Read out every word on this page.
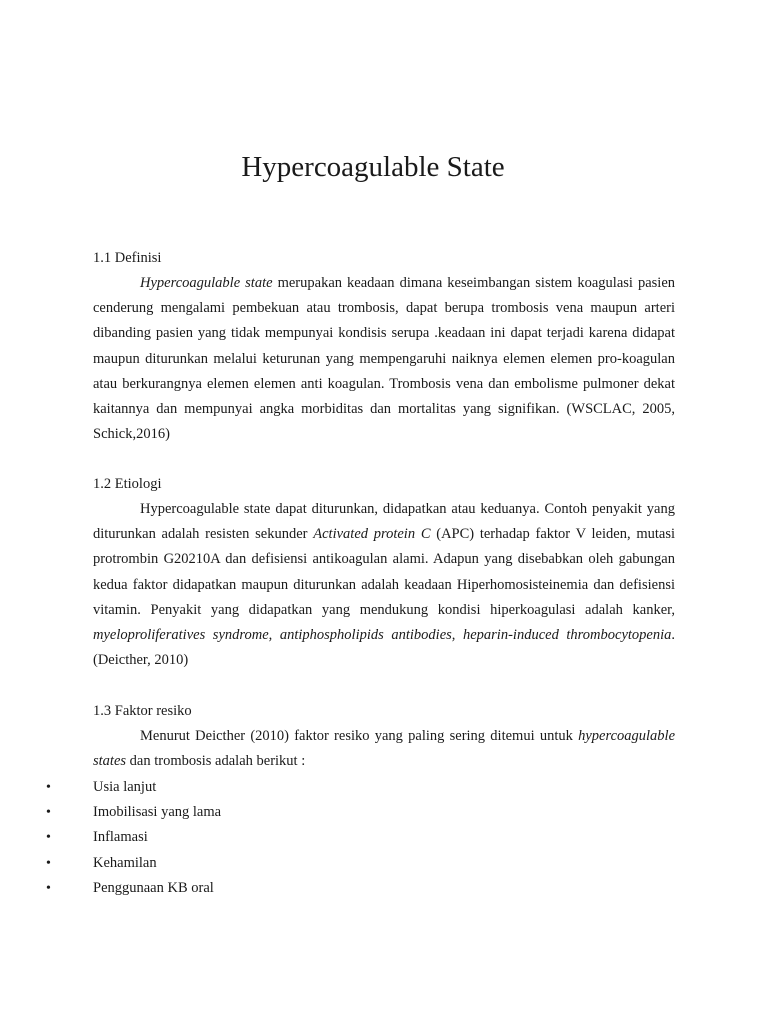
Hypercoagulable State

1.1 Definisi

Hypercoagulable state merupakan keadaan dimana keseimbangan sistem koagulasi pasien cenderung mengalami pembekuan atau trombosis, dapat berupa trombosis vena maupun arteri dibanding pasien yang tidak mempunyai kondisis serupa .keadaan ini dapat terjadi karena didapat maupun diturunkan melalui keturunan yang mempengaruhi naiknya elemen elemen pro-koagulan atau berkurangnya elemen elemen anti koagulan. Trombosis vena dan embolisme pulmoner dekat kaitannya dan mempunyai angka morbiditas dan mortalitas yang signifikan. (WSCLAC, 2005, Schick,2016)

1.2 Etiologi

Hypercoagulable state dapat diturunkan, didapatkan atau keduanya. Contoh penyakit yang diturunkan adalah resisten sekunder Activated protein C (APC) terhadap faktor V leiden, mutasi protrombin G20210A dan defisiensi antikoagulan alami. Adapun yang disebabkan oleh gabungan kedua faktor didapatkan maupun diturunkan adalah keadaan Hiperhomosisteinemia dan defisiensi vitamin. Penyakit yang didapatkan yang mendukung kondisi hiperkoagulasi adalah kanker, myeloproliferatives syndrome, antiphospholipids antibodies, heparin-induced thrombocytopenia. (Deicther, 2010)

1.3 Faktor resiko

Menurut Deicther (2010) faktor resiko yang paling sering ditemui untuk hypercoagulable states dan trombosis adalah berikut :

•	Usia lanjut
•	Imobilisasi yang lama
•	Inflamasi
•	Kehamilan
•	Penggunaan KB oral
